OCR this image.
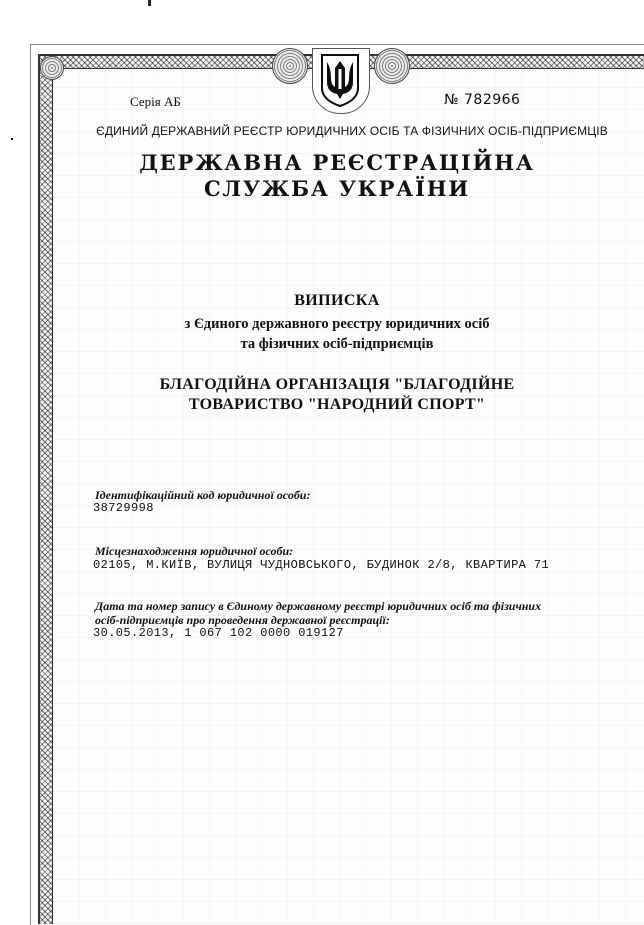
Серія АБ	№ 782966
ЄДИНИЙ ДЕРЖАВНИЙ РЕЄСТР ЮРИДИЧНИХ ОСІБ ТА ФІЗИЧНИХ ОСІБ-ПІДПРИЄМЦІВ
ДЕРЖАВНА РЕЄСТРАЦІЙНА
СЛУЖБА УКРАЇНИ
ВИПИСКА
з Єдиного державного реєстру юридичних осіб
та фізичних осіб-підприємців
БЛАГОДІЙНА ОРГАНІЗАЦІЯ "БЛАГОДІЙНЕ
ТОВАРИСТВО "НАРОДНИЙ СПОРТ"
Ідентифікаційний код юридичної особи:
38729998
Місцезнаходження юридичної особи:
02105, М.КИЇВ, ВУЛИЦЯ ЧУДНОВСЬКОГО, БУДИНОК 2/8, КВАРТИРА 71
Дата та номер запису в Єдиному державному реєстрі юридичних осіб та фізичних
осіб-підприємців про проведення державної реєстрації:
30.05.2013, 1 067 102 0000 019127
